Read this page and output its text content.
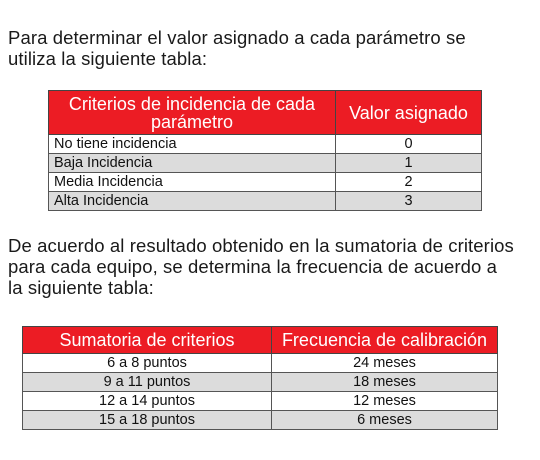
Para determinar el valor asignado a cada parámetro se
utiliza la siguiente tabla:
Criterios de incidencia de cada parámetro	Valor asignado
No tiene incidencia	0
Baja Incidencia	1
Media Incidencia	2
Alta Incidencia	3
De acuerdo al resultado obtenido en la sumatoria de criterios
para cada equipo, se determina la frecuencia de acuerdo a
la siguiente tabla:
Sumatoria de criterios	Frecuencia de calibración
6 a 8 puntos	24 meses
9 a 11 puntos	18 meses
12 a 14 puntos	12 meses
15 a 18 puntos	6 meses
